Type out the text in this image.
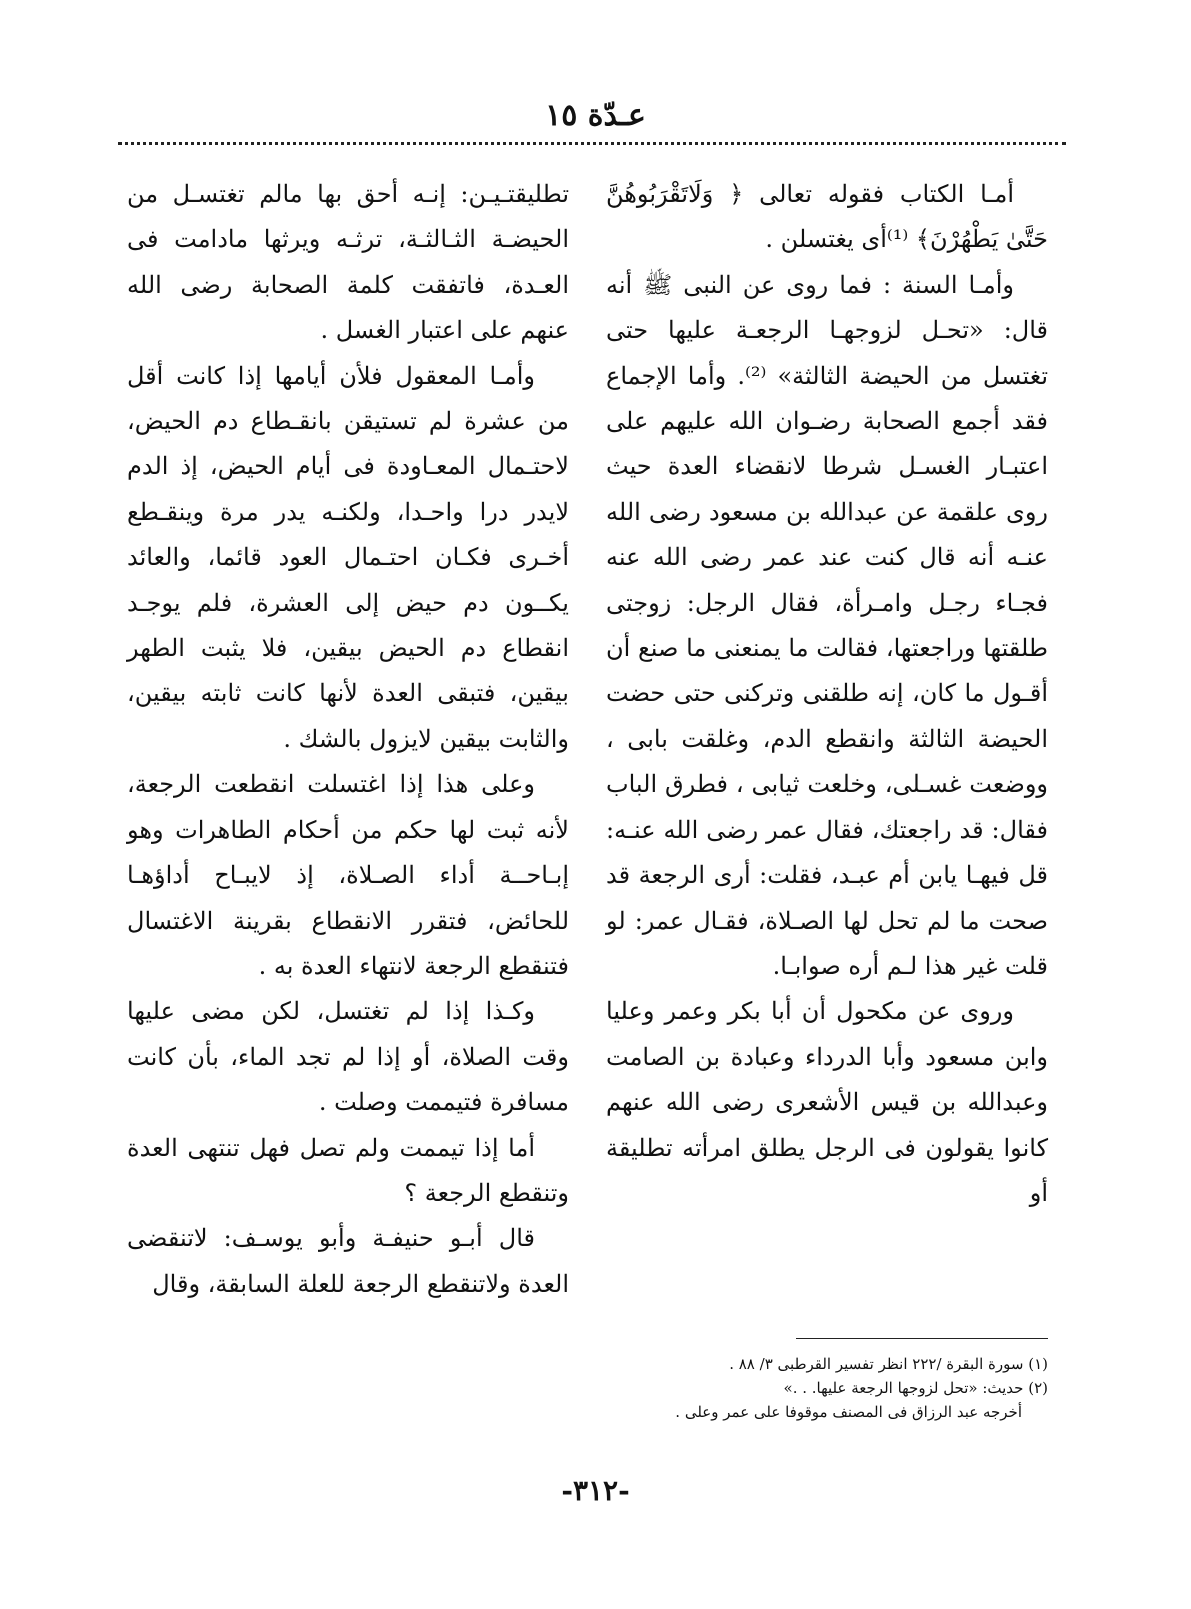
عـدّة ١٥

أمـا الكتاب فقوله تعالى ﴿ وَلَاتَقْرَبُوهُنَّ حَتَّىٰ يَطْهُرْنَ﴾ ⁽¹⁾أى يغتسلن .

وأمـا السنة : فما روى عن النبى ﷺ أنه قال: «تحـل لزوجهـا الرجعـة عليها حتى تغتسل من الحيضة الثالثة» ⁽²⁾. وأما الإجماع فقد أجمع الصحابة رضـوان الله عليهم على اعتبـار الغسـل شرطا لانقضاء العدة حيث روى علقمة عن عبدالله بن مسعود رضى الله عنـه أنه قال كنت عند عمر رضى الله عنه فجـاء رجـل وامـرأة، فقال الرجل: زوجتى طلقتها وراجعتها، فقالت ما يمنعنى ما صنع أن أقـول ما كان، إنه طلقنى وتركنى حتى حضت الحيضة الثالثة وانقطع الدم، وغلقت بابى ، ووضعت غسـلى، وخلعت ثيابى ، فطرق الباب فقال: قد راجعتك، فقال عمر رضى الله عنـه: قل فيهـا يابن أم عبـد، فقلت: أرى الرجعة قد صحت ما لم تحل لها الصـلاة، فقـال عمر: لو قلت غير هذا لـم أره صوابـا.

وروى عن مكحول أن أبا بكر وعمر وعليا وابن مسعود وأبا الدرداء وعبادة بن الصامت وعبدالله بن قيس الأشعرى رضى الله عنهم كانوا يقولون فى الرجل يطلق امرأته تطليقة أو

تطليقتـيـن: إنـه أحق بها مالم تغتسـل من الحيضـة الثـالثـة، ترثـه ويرثها مادامت فى العـدة، فاتفقت كلمة الصحابة رضى الله عنهم على اعتبار الغسل .

وأمـا المعقول فلأن أيامها إذا كانت أقل من عشرة لم تستيقن بانقـطاع دم الحيض، لاحتـمال المعـاودة فى أيام الحيض، إذ الدم لايدر درا واحـدا، ولكنـه يدر مرة وينقـطع أخـرى فكـان احتـمال العود قائما، والعائد يكــون دم حيض إلى العشرة، فلم يوجـد انقطاع دم الحيض بيقين، فلا يثبت الطهر بيقين، فتبقى العدة لأنها كانت ثابته بيقين، والثابت بيقين لايزول بالشك .

وعلى هذا إذا اغتسلت انقطعت الرجعة، لأنه ثبت لها حكم من أحكام الطاهرات وهو إبـاحــة أداء الصـلاة، إذ لايبـاح أداؤهـا للحائض، فتقرر الانقطاع بقرينة الاغتسال فتنقطع الرجعة لانتهاء العدة به .

وكـذا إذا لم تغتسل، لكن مضى عليها وقت الصلاة، أو إذا لم تجد الماء، بأن كانت مسافرة فتيممت وصلت .

أما إذا تيممت ولم تصل فهل تنتهى العدة وتنقطع الرجعة ؟

قال أبـو حنيفـة وأبو يوسـف: لاتنقضى العدة ولاتنقطع الرجعة للعلة السابقة، وقال

(١) سورة البقرة /٢٢٢ انظر تفسير القرطبى ٣/ ٨٨ .

(٢) حديث: «تحل لزوجها الرجعة عليها. . .»

أخرجه عبد الرزاق فى المصنف موقوفا على عمر وعلى .

-٣١٢-
